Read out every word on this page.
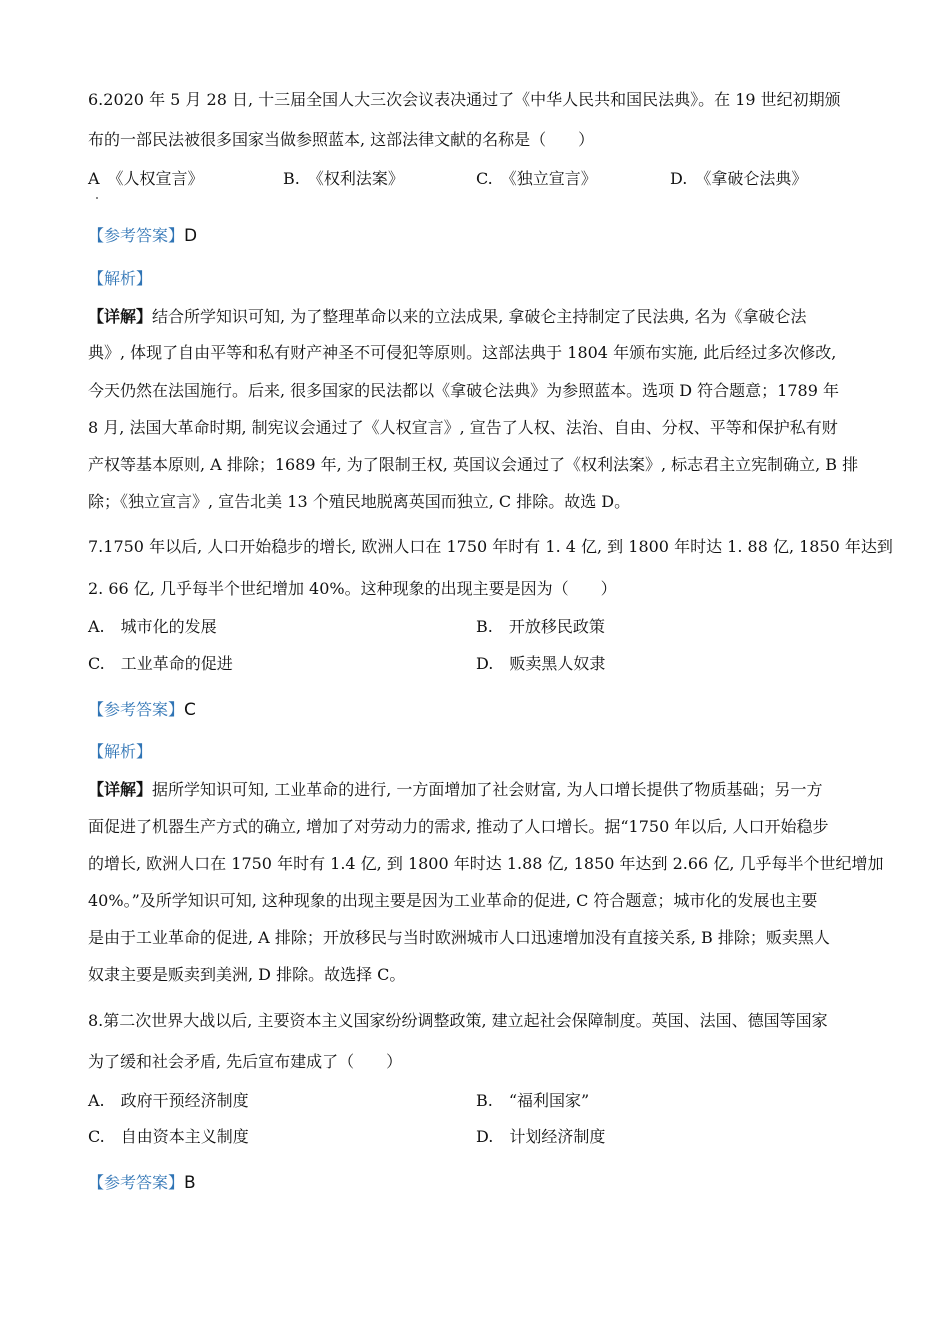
6.2020 年 5 月 28 日, 十三届全国人大三次会议表决通过了《中华人民共和国民法典》。在 19 世纪初期颁
布的一部民法被很多国家当做参照蓝本, 这部法律文献的名称是（　　）
A　《人权宣言》	B.　《权利法案》	C.　《独立宣言》	D.　《拿破仑法典》
【参考答案】D
【解析】
【详解】结合所学知识可知, 为了整理革命以来的立法成果, 拿破仑主持制定了民法典, 名为《拿破仑法
典》, 体现了自由平等和私有财产神圣不可侵犯等原则。这部法典于 1804 年颁布实施, 此后经过多次修改,
今天仍然在法国施行。后来, 很多国家的民法都以《拿破仑法典》为参照蓝本。选项 D 符合题意；1789 年
8 月, 法国大革命时期, 制宪议会通过了《人权宣言》, 宣告了人权、法治、自由、分权、平等和保护私有财
产权等基本原则, A 排除；1689 年, 为了限制王权, 英国议会通过了《权利法案》, 标志君主立宪制确立, B 排
除；《独立宣言》, 宣告北美 13 个殖民地脱离英国而独立, C 排除。故选 D。
7.1750 年以后, 人口开始稳步的增长, 欧洲人口在 1750 年时有 1. 4 亿, 到 1800 年时达 1. 88 亿, 1850 年达到
2. 66 亿, 几乎每半个世纪增加 40%。这种现象的出现主要是因为（　　）
A.　城市化的发展	B.　开放移民政策
C.　工业革命的促进	D.　贩卖黑人奴隶
【参考答案】C
【解析】
【详解】据所学知识可知, 工业革命的进行, 一方面增加了社会财富, 为人口增长提供了物质基础；另一方
面促进了机器生产方式的确立, 增加了对劳动力的需求, 推动了人口增长。据“1750 年以后, 人口开始稳步
的增长, 欧洲人口在 1750 年时有 1.4 亿, 到 1800 年时达 1.88 亿, 1850 年达到 2.66 亿, 几乎每半个世纪增加
40%。”及所学知识可知, 这种现象的出现主要是因为工业革命的促进, C 符合题意；城市化的发展也主要
是由于工业革命的促进, A 排除；开放移民与当时欧洲城市人口迅速增加没有直接关系, B 排除；贩卖黑人
奴隶主要是贩卖到美洲, D 排除。故选择 C。
8.第二次世界大战以后, 主要资本主义国家纷纷调整政策, 建立起社会保障制度。英国、法国、德国等国家
为了缓和社会矛盾, 先后宣布建成了（　　）
A.　政府干预经济制度	B.　“福利国家”
C.　自由资本主义制度	D.　计划经济制度
【参考答案】B
